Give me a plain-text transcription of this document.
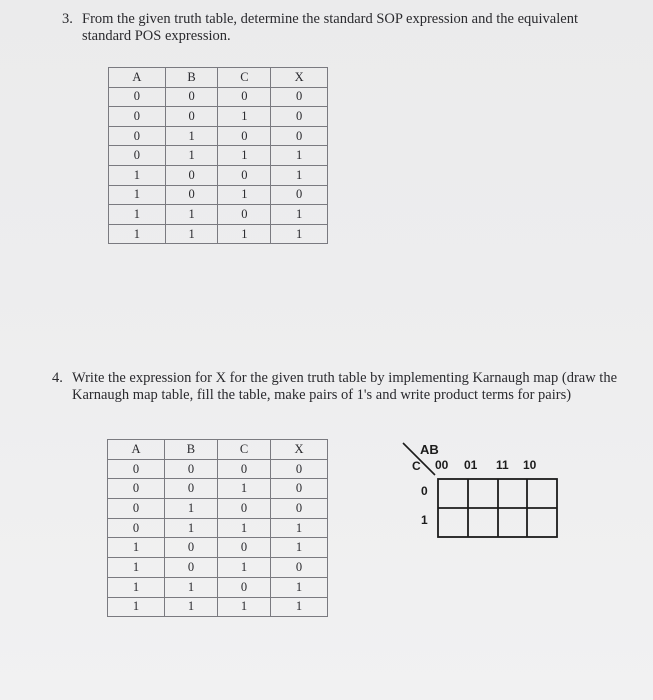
3. From the given truth table, determine the standard SOP expression and the equivalent standard POS expression.
A	B	C	X
0	0	0	0
0	0	1	0
0	1	0	0
0	1	1	1
1	0	0	1
1	0	1	0
1	1	0	1
1	1	1	1
4. Write the expression for X for the given truth table by implementing Karnaugh map (draw the Karnaugh map table, fill the table, make pairs of 1's and write product terms for pairs)
A	B	C	X
0	0	0	0
0	0	1	0
0	1	0	0
0	1	1	1
1	0	0	1
1	0	1	0
1	1	0	1
1	1	1	1
AB
C 00 01 11 10
0
1
